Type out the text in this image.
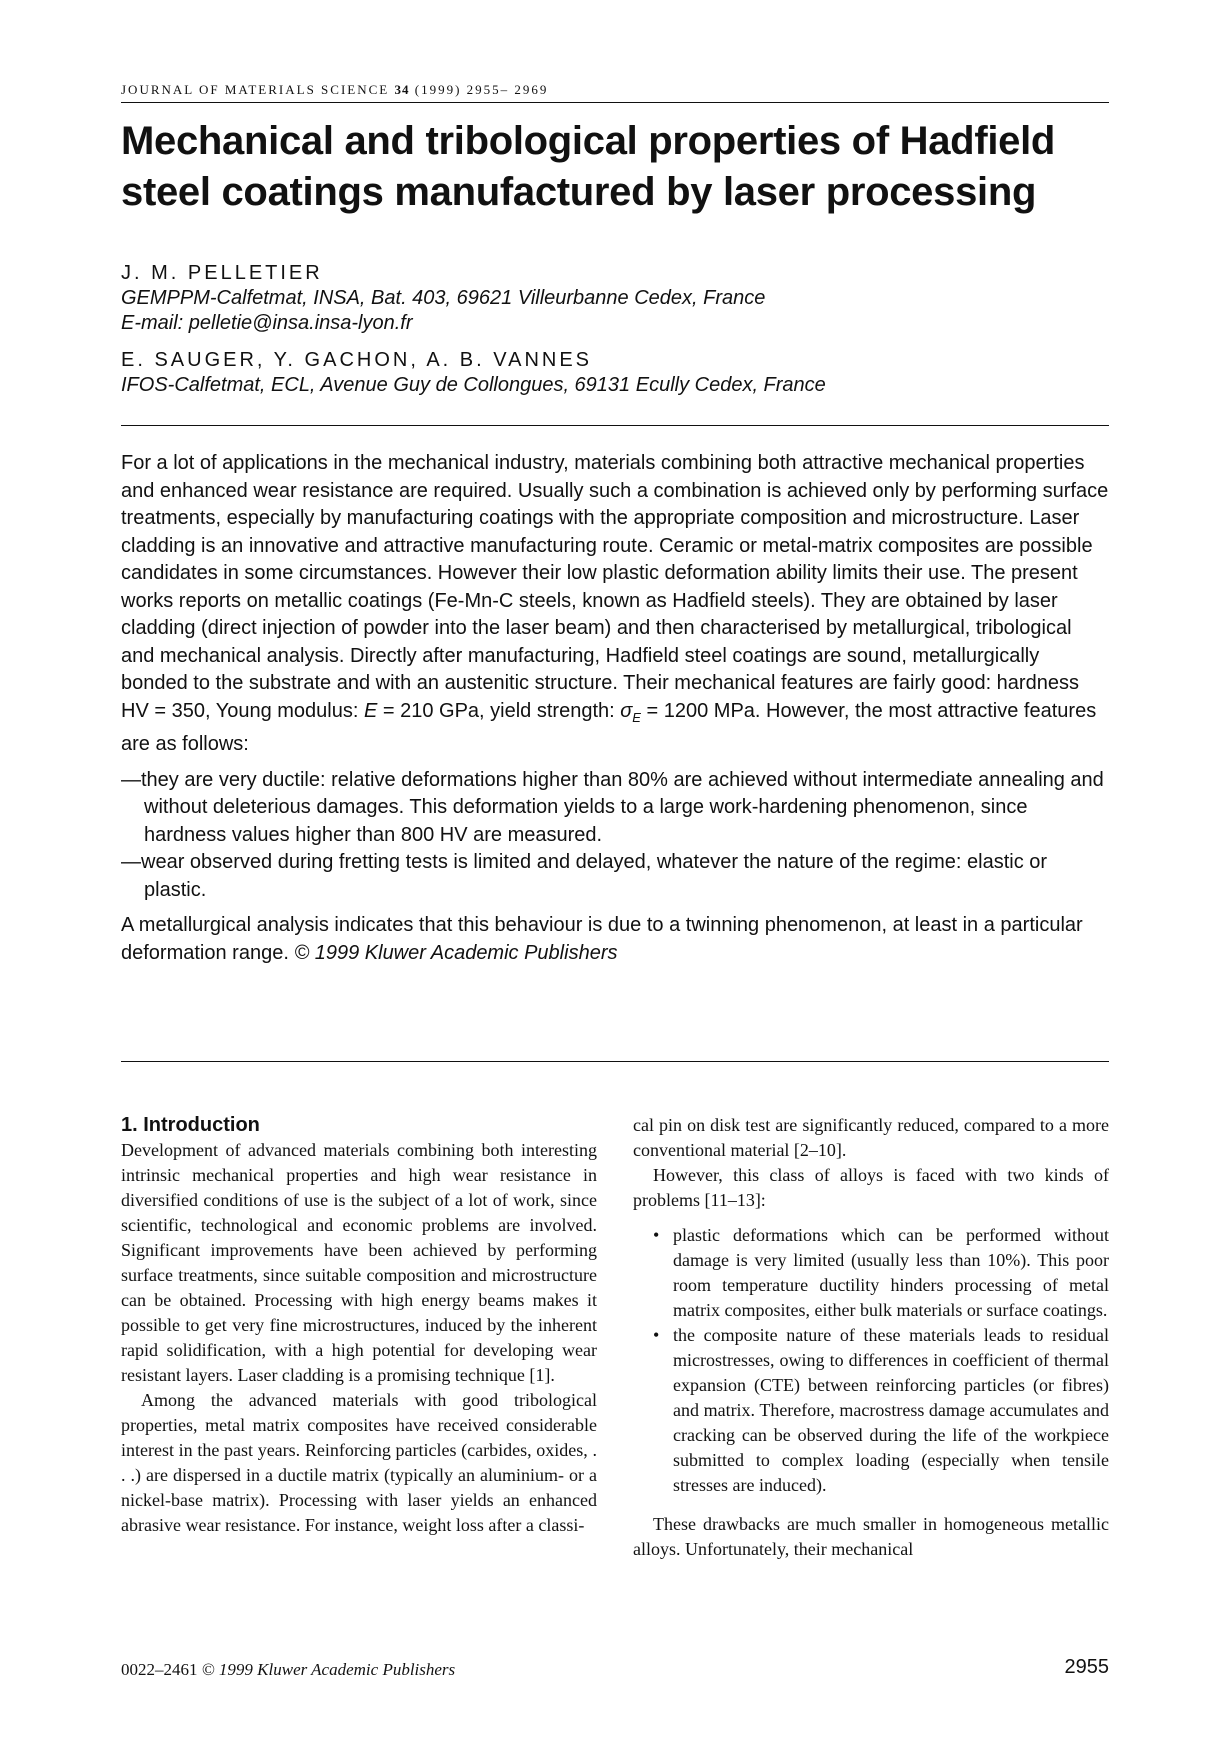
JOURNAL OF MATERIALS SCIENCE 34 (1999) 2955– 2969
Mechanical and tribological properties of Hadfield
steel coatings manufactured by laser processing
J. M. PELLETIER
GEMPPM-Calfetmat, INSA, Bat. 403, 69621 Villeurbanne Cedex, France
E-mail: pelletie@insa.insa-lyon.fr
E. SAUGER, Y. GACHON, A. B. VANNES
IFOS-Calfetmat, ECL, Avenue Guy de Collongues, 69131 Ecully Cedex, France

For a lot of applications in the mechanical industry, materials combining both attractive mechanical properties and enhanced wear resistance are required. Usually such a combination is achieved only by performing surface treatments, especially by manufacturing coatings with the appropriate composition and microstructure. Laser cladding is an innovative and attractive manufacturing route. Ceramic or metal-matrix composites are possible candidates in some circumstances. However their low plastic deformation ability limits their use. The present works reports on metallic coatings (Fe-Mn-C steels, known as Hadfield steels). They are obtained by laser cladding (direct injection of powder into the laser beam) and then characterised by metallurgical, tribological and mechanical analysis. Directly after manufacturing, Hadfield steel coatings are sound, metallurgically bonded to the substrate and with an austenitic structure. Their mechanical features are fairly good: hardness HV = 350, Young modulus: E = 210 GPa, yield strength: $\sigma_E = 1200$ MPa. However, the most attractive features are as follows:

—they are very ductile: relative deformations higher than 80% are achieved without intermediate annealing and without deleterious damages. This deformation yields to a large work-hardening phenomenon, since hardness values higher than 800 HV are measured.

—wear observed during fretting tests is limited and delayed, whatever the nature of the regime: elastic or plastic.

A metallurgical analysis indicates that this behaviour is due to a twinning phenomenon, at least in a particular deformation range. © 1999 Kluwer Academic Publishers

1. Introduction

Development of advanced materials combining both interesting intrinsic mechanical properties and high wear resistance in diversified conditions of use is the subject of a lot of work, since scientific, technological and economic problems are involved. Significant improvements have been achieved by performing surface treatments, since suitable composition and microstructure can be obtained. Processing with high energy beams makes it possible to get very fine microstructures, induced by the inherent rapid solidification, with a high potential for developing wear resistant layers. Laser cladding is a promising technique [1].

Among the advanced materials with good tribological properties, metal matrix composites have received considerable interest in the past years. Reinforcing particles (carbides, oxides, . . .) are dispersed in a ductile matrix (typically an aluminium- or a nickel-base matrix). Processing with laser yields an enhanced abrasive wear resistance. For instance, weight loss after a classi-

cal pin on disk test are significantly reduced, compared to a more conventional material [2–10].

However, this class of alloys is faced with two kinds of problems [11–13]:

• plastic deformations which can be performed without damage is very limited (usually less than 10%). This poor room temperature ductility hinders processing of metal matrix composites, either bulk materials or surface coatings.
• the composite nature of these materials leads to residual microstresses, owing to differences in coefficient of thermal expansion (CTE) between reinforcing particles (or fibres) and matrix. Therefore, macrostress damage accumulates and cracking can be observed during the life of the workpiece submitted to complex loading (especially when tensile stresses are induced).

These drawbacks are much smaller in homogeneous metallic alloys. Unfortunately, their mechanical

0022–2461 © 1999 Kluwer Academic Publishers	2955
